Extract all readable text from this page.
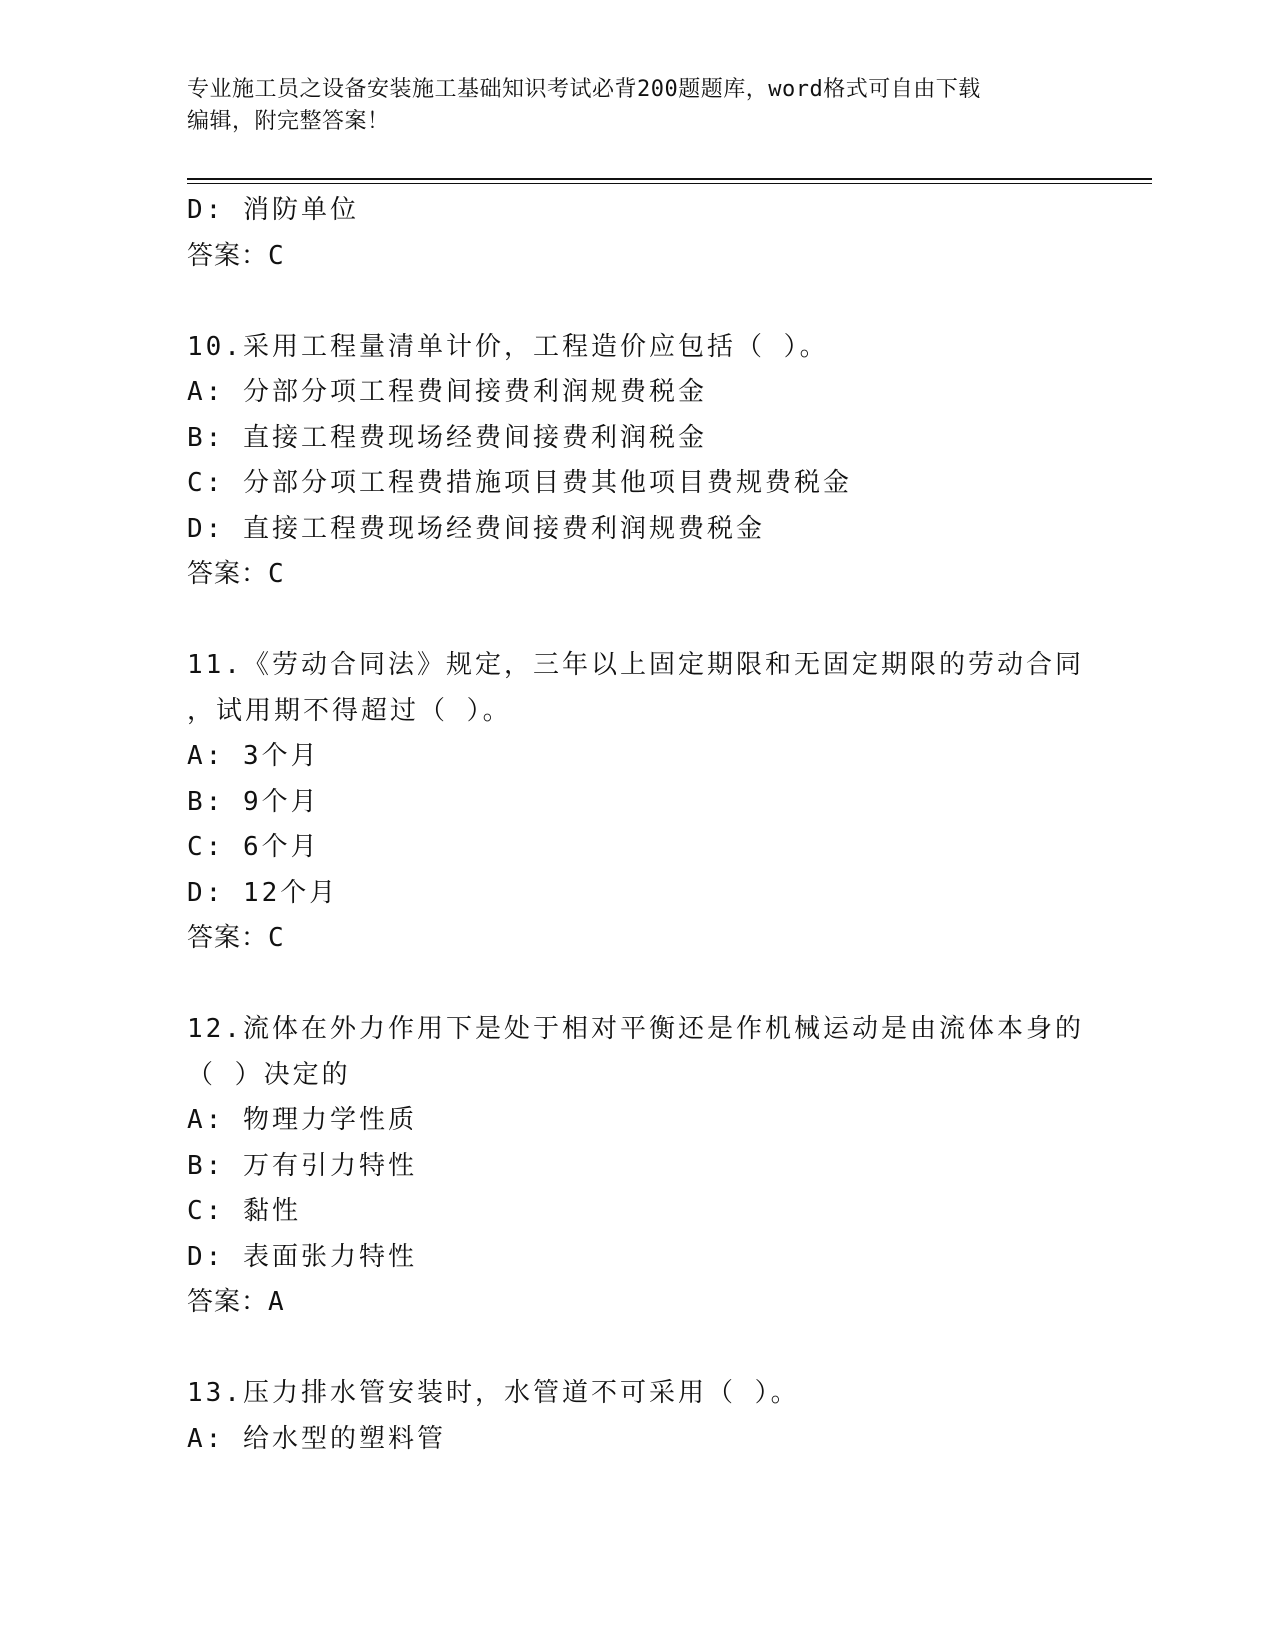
专业施工员之设备安装施工基础知识考试必背200题题库，word格式可自由下载
编辑，附完整答案！
D: 消防单位
答案：C
10.采用工程量清单计价，工程造价应包括（ ）。
A: 分部分项工程费间接费利润规费税金
B: 直接工程费现场经费间接费利润税金
C: 分部分项工程费措施项目费其他项目费规费税金
D: 直接工程费现场经费间接费利润规费税金
答案：C
11.《劳动合同法》规定，三年以上固定期限和无固定期限的劳动合同
，试用期不得超过（ ）。
A: 3个月
B: 9个月
C: 6个月
D: 12个月
答案：C
12.流体在外力作用下是处于相对平衡还是作机械运动是由流体本身的
（ ）决定的
A: 物理力学性质
B: 万有引力特性
C: 黏性
D: 表面张力特性
答案：A
13.压力排水管安装时，水管道不可采用（ ）。
A: 给水型的塑料管
